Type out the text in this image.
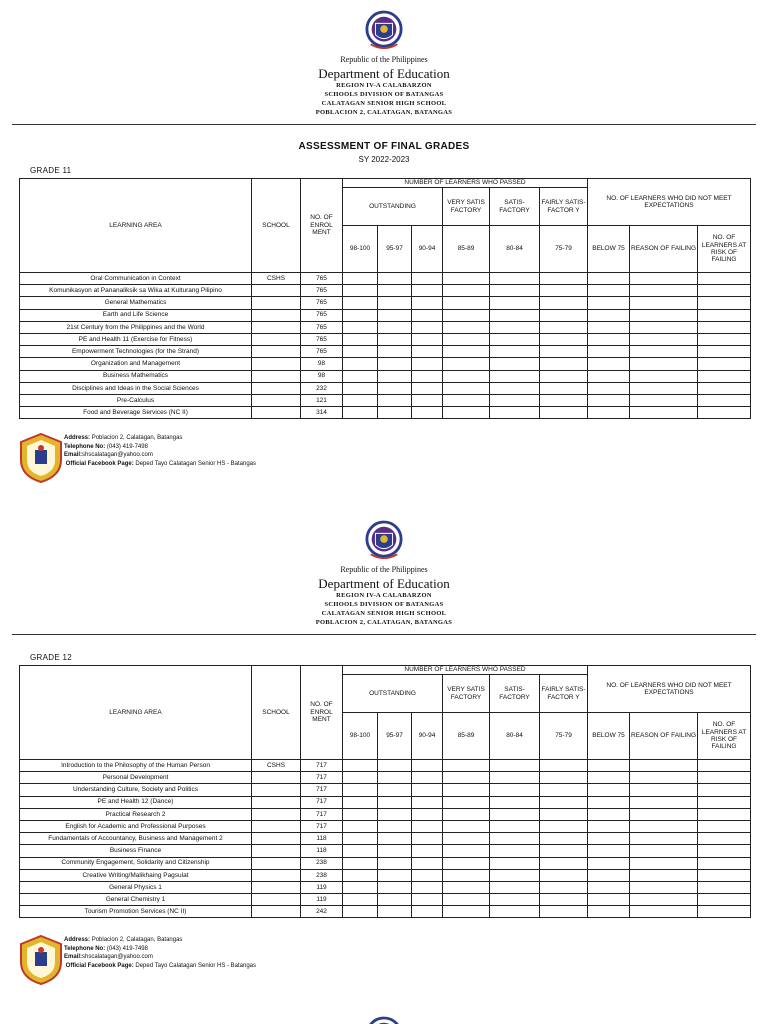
Republic of the Philippines
Department of Education
REGION IV-A CALABARZON
SCHOOLS DIVISION OF BATANGAS
CALATAGAN SENIOR HIGH SCHOOL
POBLACION 2, CALATAGAN, BATANGAS
ASSESSMENT OF FINAL GRADES
SY 2022-2023
GRADE 11
LEARNING AREA	SCHOOL	NO. OF ENROL MENT	NUMBER OF LEARNERS WHO PASSED						NO. OF LEARNERS WHO DID NOT MEET EXPECTATIONS		
			OUTSTANDING			VERY SATIS FACTORY	SATIS- FACTORY	FAIRLY SATIS- FACTOR Y			
			98-100	95-97	90-94	85-89	80-84	75-79	BELOW 75	REASON OF FAILING	NO. OF LEARNERS AT RISK OF FAILING
Oral Communication in Context	CSHS	765									
Komunikasyon at Pananaliksik sa Wika at Kulturang Pilipino		765									
General Mathematics		765									
Earth and Life Science		765									
21st Century from the Philippines and the World		765									
PE and Health 11 (Exercise for Fitness)		765									
Empowerment Technologies (for the Strand)		765									
Organization and Management		98									
Business Mathematics		98									
Disciplines and Ideas in the Social Sciences		232									
Pre-Calculus		121									
Food and Beverage Services (NC II)		314									
Address: Poblacion 2, Calatagan, Batangas
Telephone No: (043) 419-7498
Email:shscalatagan@yahoo.com
Official Facebook Page: Deped Tayo Calatagan Senior HS - Batangas
Republic of the Philippines
Department of Education
REGION IV-A CALABARZON
SCHOOLS DIVISION OF BATANGAS
CALATAGAN SENIOR HIGH SCHOOL
POBLACION 2, CALATAGAN, BATANGAS
GRADE 12
LEARNING AREA	SCHOOL	NO. OF ENROL MENT	NUMBER OF LEARNERS WHO PASSED						NO. OF LEARNERS WHO DID NOT MEET EXPECTATIONS		
			OUTSTANDING			VERY SATIS FACTORY	SATIS- FACTORY	FAIRLY SATIS- FACTOR Y			
			98-100	95-97	90-94	85-89	80-84	75-79	BELOW 75	REASON OF FAILING	NO. OF LEARNERS AT RISK OF FAILING
Introduction to the Philosophy of the Human Person	CSHS	717									
Personal Development		717									
Understanding Culture, Society and Politics		717									
PE and Health 12 (Dance)		717									
Practical Research 2		717									
English for Academic and Professional Purposes		717									
Fundamentals of Accountancy, Business and Management 2		118									
Business Finance		118									
Community Engagement, Solidarity and Citizenship		238									
Creative Writing/Malikhaing Pagsulat		238									
General Physics 1		119									
General Chemistry 1		119									
Tourism Promotion Services (NC II)		242									
Address: Poblacion 2, Calatagan, Batangas
Telephone No: (043) 419-7498
Email:shscalatagan@yahoo.com
Official Facebook Page: Deped Tayo Calatagan Senior HS - Batangas
